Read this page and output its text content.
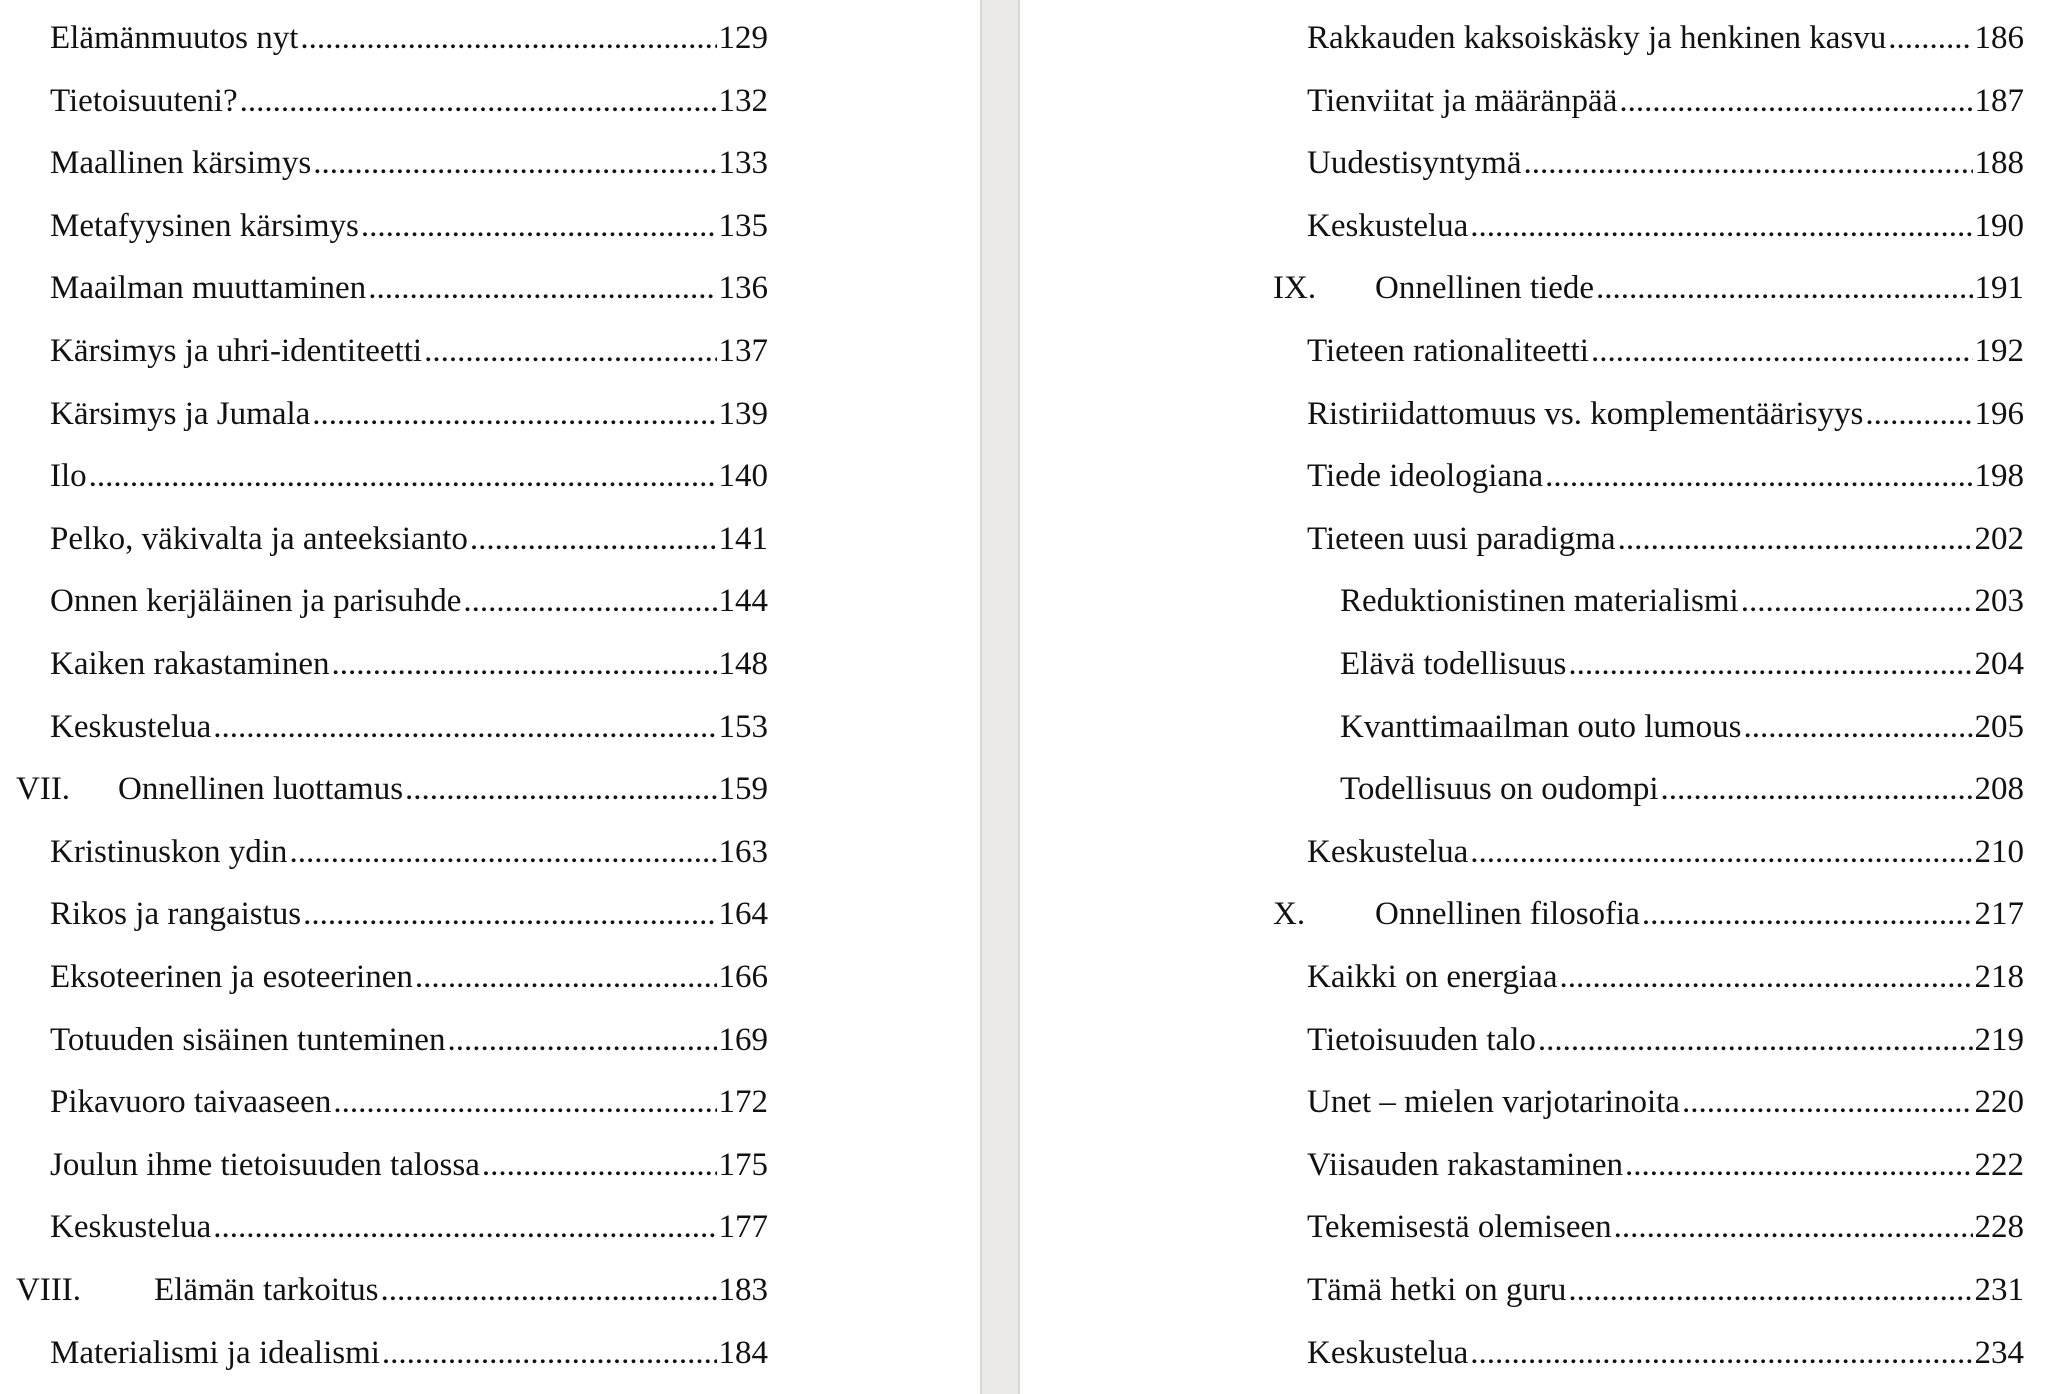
Elämänmuutos nyt .....	129
Tietoisuuteni? .....	132
Maallinen kärsimys .....	133
Metafyysinen kärsimys .....	135
Maailman muuttaminen .....	136
Kärsimys ja uhri-identiteetti .....	137
Kärsimys ja Jumala .....	139
Ilo .....	140
Pelko, väkivalta ja anteeksianto .....	141
Onnen kerjäläinen ja parisuhde .....	144
Kaiken rakastaminen .....	148
Keskustelua .....	153
VII.	Onnellinen luottamus .....	159
Kristinuskon ydin .....	163
Rikos ja rangaistus .....	164
Eksoteerinen ja esoteerinen .....	166
Totuuden sisäinen tunteminen .....	169
Pikavuoro taivaaseen .....	172
Joulun ihme tietoisuuden talossa .....	175
Keskustelua .....	177
VIII.	Elämän tarkoitus .....	183
Materialismi ja idealismi .....	184
Rakkauden kaksoiskäsky ja henkinen kasvu .....	186
Tienviitat ja määränpää .....	187
Uudestisyntymä .....	188
Keskustelua .....	190
IX.	Onnellinen tiede .....	191
Tieteen rationaliteetti .....	192
Ristiriidattomuus vs. komplementäärisyys .....	196
Tiede ideologiana .....	198
Tieteen uusi paradigma .....	202
Reduktionistinen materialismi .....	203
Elävä todellisuus .....	204
Kvanttimaailman outo lumous .....	205
Todellisuus on oudompi .....	208
Keskustelua .....	210
X.	Onnellinen filosofia .....	217
Kaikki on energiaa .....	218
Tietoisuuden talo .....	219
Unet – mielen varjotarinoita .....	220
Viisauden rakastaminen .....	222
Tekemisestä olemiseen .....	228
Tämä hetki on guru .....	231
Keskustelua .....	234
